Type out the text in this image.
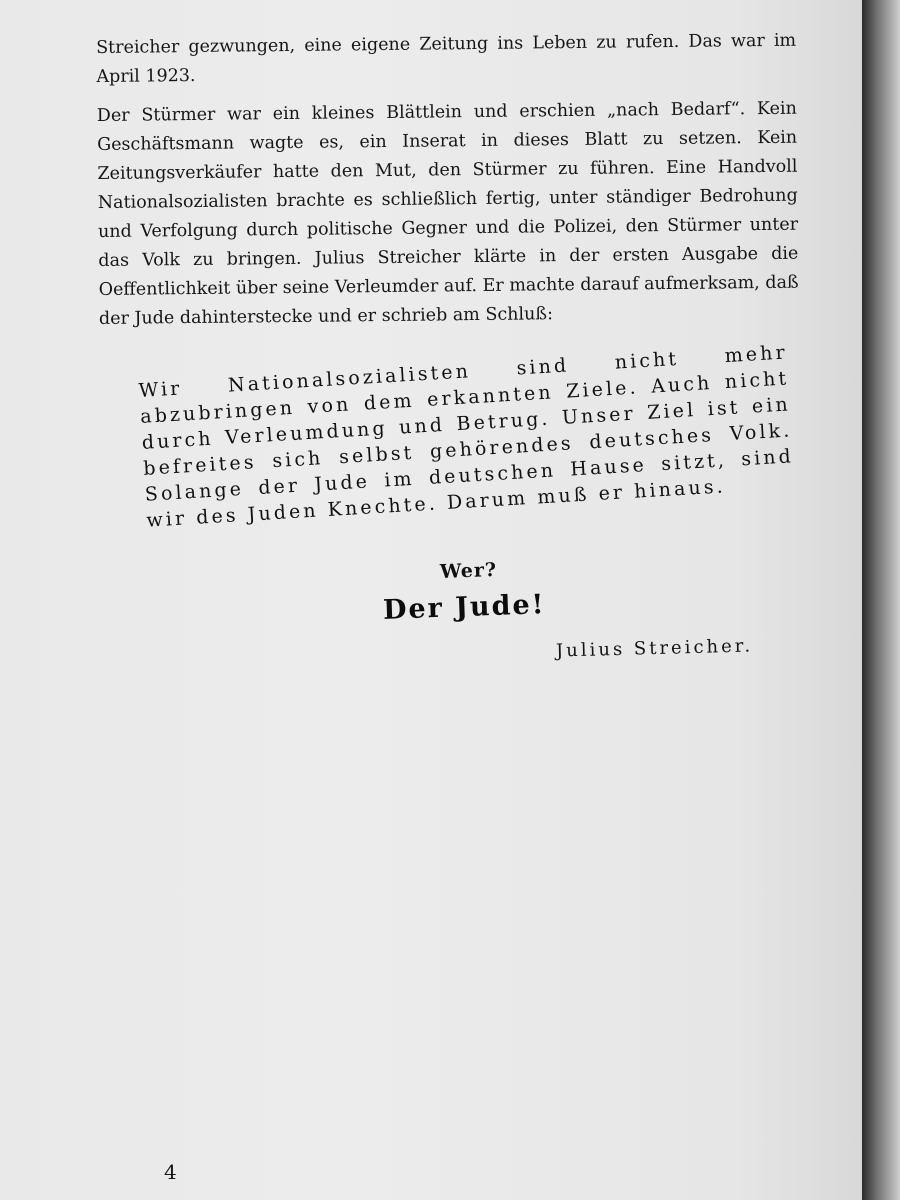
Streicher gezwungen, eine eigene Zeitung ins Leben zu rufen. Das war im April 1923.

Der Stürmer war ein kleines Blättlein und erschien „nach Bedarf“. Kein Geschäftsmann wagte es, ein Inserat in dieses Blatt zu setzen. Kein Zeitungsverkäufer hatte den Mut, den Stürmer zu führen. Eine Handvoll Nationalsozialisten brachte es schließlich fertig, unter ständiger Bedrohung und Verfolgung durch politische Gegner und die Polizei, den Stürmer unter das Volk zu bringen. Julius Streicher klärte in der ersten Ausgabe die Oeffentlichkeit über seine Verleumder auf. Er machte darauf aufmerksam, daß der Jude dahinterstecke und er schrieb am Schluß:

Wir Nationalsozialisten sind nicht mehr abzubringen von dem erkannten Ziele. Auch nicht durch Verleumdung und Betrug. Unser Ziel ist ein befreites sich selbst gehörendes deutsches Volk. Solange der Jude im deutschen Hause sitzt, sind wir des Juden Knechte. Darum muß er hinaus.

Wer?
Der Jude!
Julius Streicher.
4
